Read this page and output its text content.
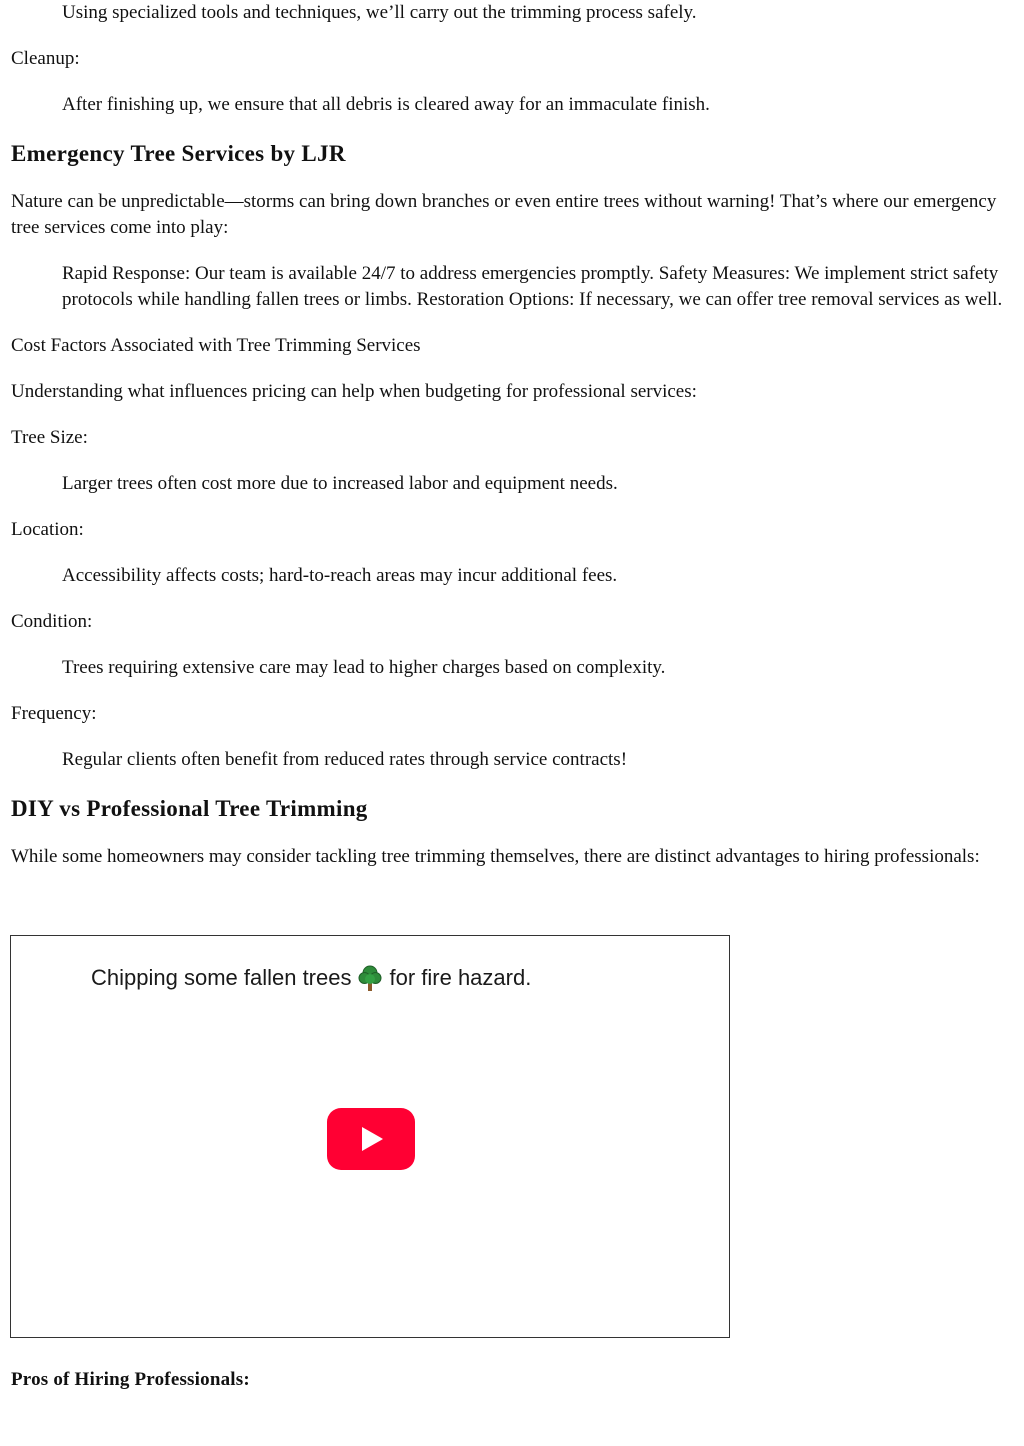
Using specialized tools and techniques, we’ll carry out the trimming process safely.

Cleanup:

After finishing up, we ensure that all debris is cleared away for an immaculate finish.

Emergency Tree Services by LJR

Nature can be unpredictable—storms can bring down branches or even entire trees without warning! That’s where our emergency tree services come into play:

Rapid Response: Our team is available 24/7 to address emergencies promptly. Safety Measures: We implement strict safety protocols while handling fallen trees or limbs. Restoration Options: If necessary, we can offer tree removal services as well.

Cost Factors Associated with Tree Trimming Services

Understanding what influences pricing can help when budgeting for professional services:

Tree Size:

Larger trees often cost more due to increased labor and equipment needs.

Location:

Accessibility affects costs; hard-to-reach areas may incur additional fees.

Condition:

Trees requiring extensive care may lead to higher charges based on complexity.

Frequency:

Regular clients often benefit from reduced rates through service contracts!

DIY vs Professional Tree Trimming

While some homeowners may consider tackling tree trimming themselves, there are distinct advantages to hiring professionals:

Chipping some fallen trees for fire hazard.

Pros of Hiring Professionals:
